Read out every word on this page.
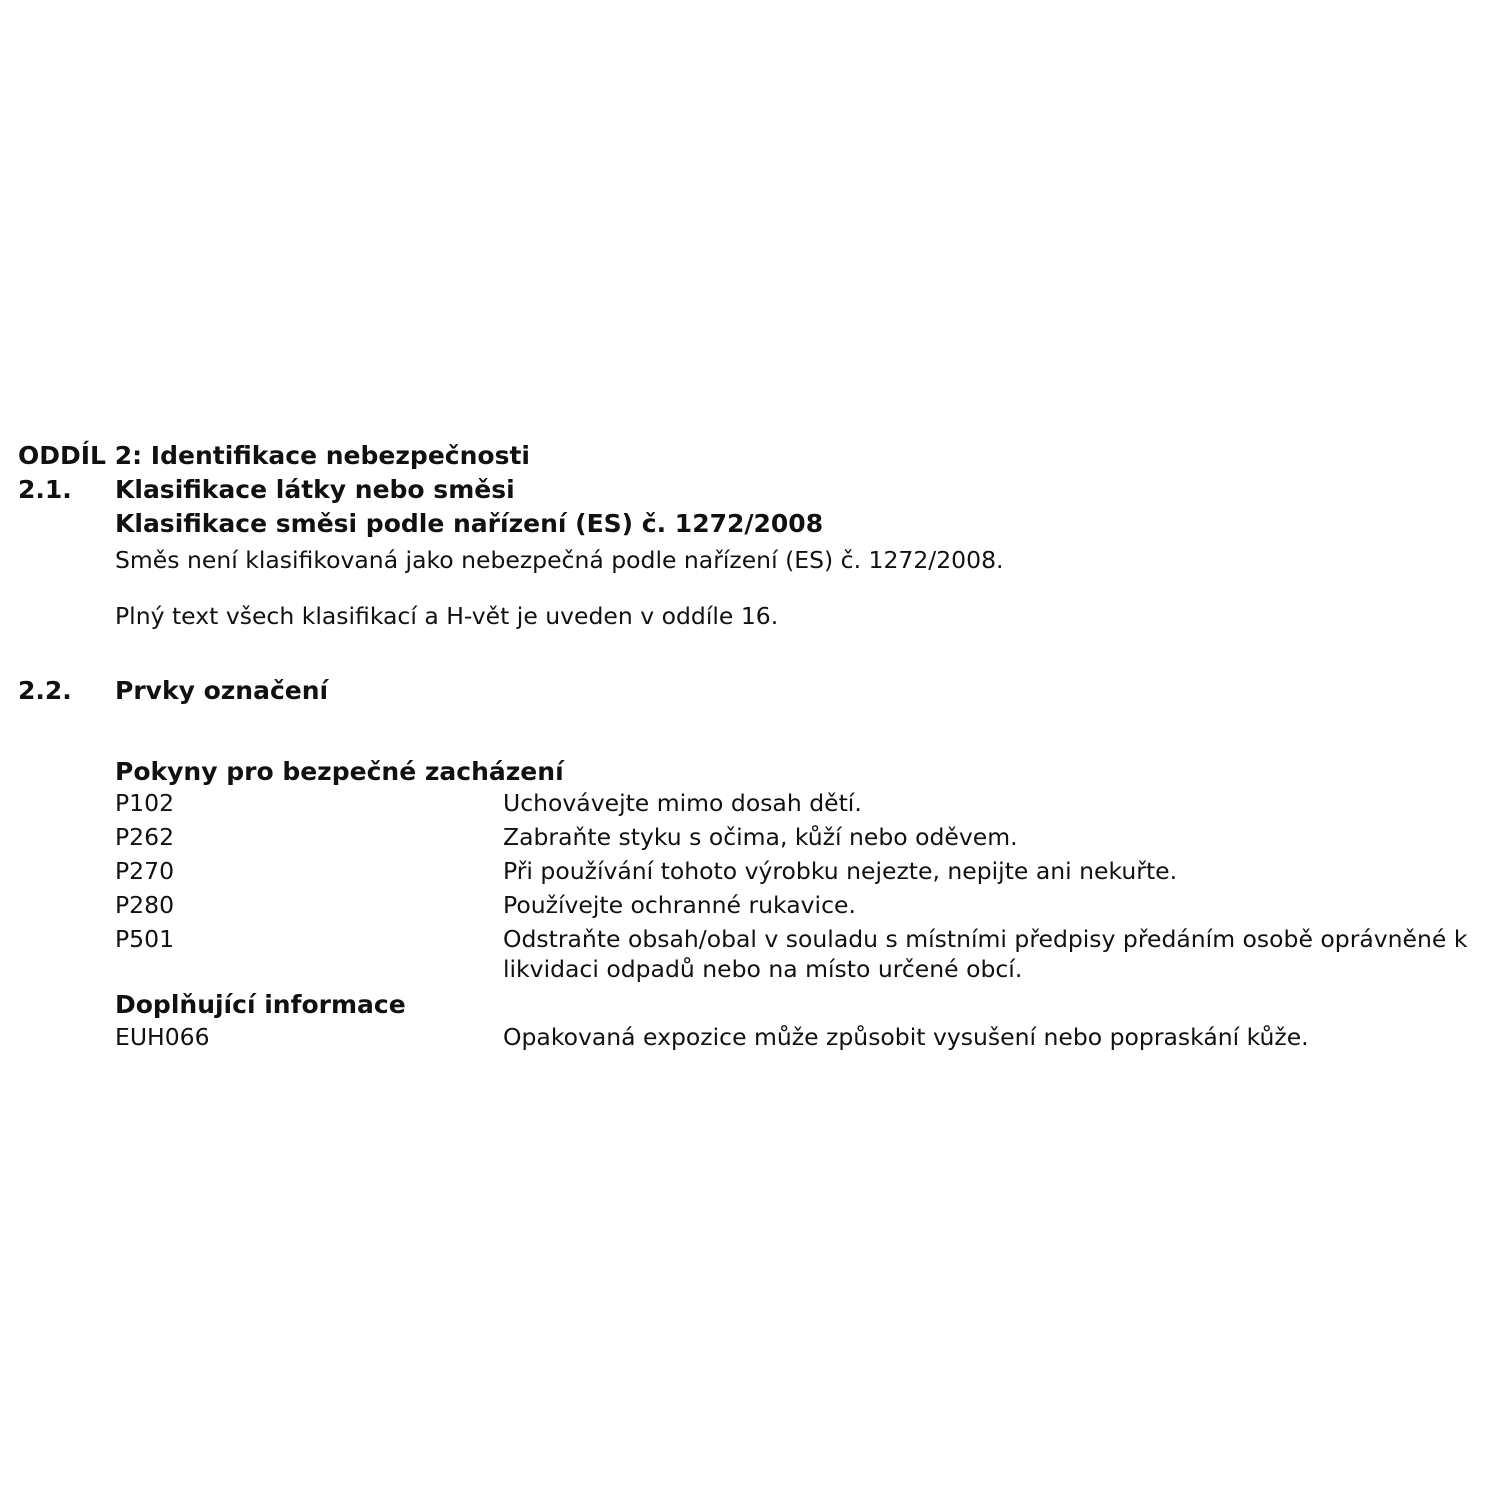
ODDÍL 2: Identifikace nebezpečnosti
2.1. Klasifikace látky nebo směsi
Klasifikace směsi podle nařízení (ES) č. 1272/2008
Směs není klasifikovaná jako nebezpečná podle nařízení (ES) č. 1272/2008.
Plný text všech klasifikací a H-vět je uveden v oddíle 16.
2.2. Prvky označení
Pokyny pro bezpečné zacházení
P102	Uchovávejte mimo dosah dětí.
P262	Zabraňte styku s očima, kůží nebo oděvem.
P270	Při používání tohoto výrobku nejezte, nepijte ani nekuřte.
P280	Používejte ochranné rukavice.
P501	Odstraňte obsah/obal v souladu s místními předpisy předáním osobě oprávněné k
likvidaci odpadů nebo na místo určené obcí.
Doplňující informace
EUH066	Opakovaná expozice může způsobit vysušení nebo popraskání kůže.
